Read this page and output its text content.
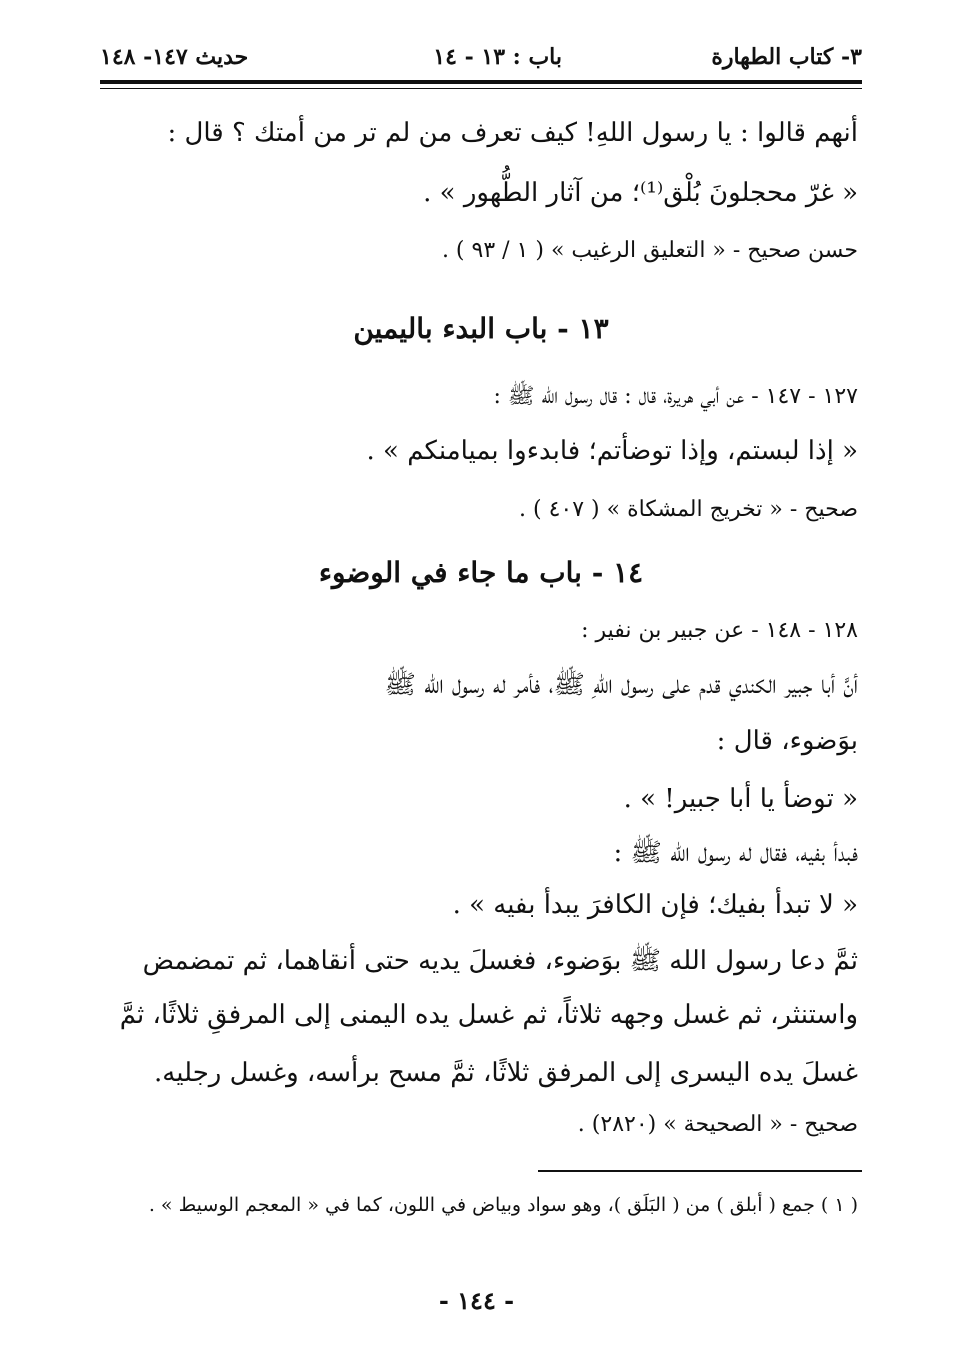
٣- كتاب الطهارة
باب : ١٣ - ١٤
حديث ١٤٧- ١٤٨
أنهم قالوا : يا رسول اللهِ! كيف تعرف من لم تر من أمتك ؟ قال :
« غرّ محجلونَ بُلْق⁽¹⁾؛ من آثار الطُّهور » .
حسن صحيح - « التعليق الرغيب » ( ١ / ٩٣ ) .
١٣ - باب البدء باليمين
١٢٧ - ١٤٧ - عن أبي هريرة، قال : قال رسول الله ﷺ :
« إذا لبستم، وإذا توضأتم؛ فابدءوا بميامنكم » .
صحيح - « تخريج المشكاة » ( ٤٠٧ ) .
١٤ - باب ما جاء في الوضوء
١٢٨ - ١٤٨ - عن جبير بن نفير :
أنَّ أبا جبير الكندي قدم على رسول اللهِ ﷺ، فأمر له رسول الله ﷺ
بوَضوء، قال :
« توضأ يا أبا جبير! » .
فبدأ بفيه، فقال له رسول الله ﷺ :
« لا تبدأ بفيك؛ فإن الكافرَ يبدأ بفيه » .
ثمَّ دعا رسول الله ﷺ بوَضوء، فغسلَ يديه حتى أنقاهما، ثم تمضمض
واستنثر، ثم غسل وجهه ثلاثاً، ثم غسل يده اليمنى إلى المرفقِ ثلاثًا، ثمَّ
غسلَ يده اليسرى إلى المرفق ثلاثًا، ثمَّ مسح برأسه، وغسل رجليه.
صحيح - « الصحيحة » (٢٨٢٠) .
( ١ ) جمع ( أبلق ) من ( البَلَق )، وهو سواد وبياض في اللون، كما في « المعجم الوسيط » .
- ١٤٤ -
